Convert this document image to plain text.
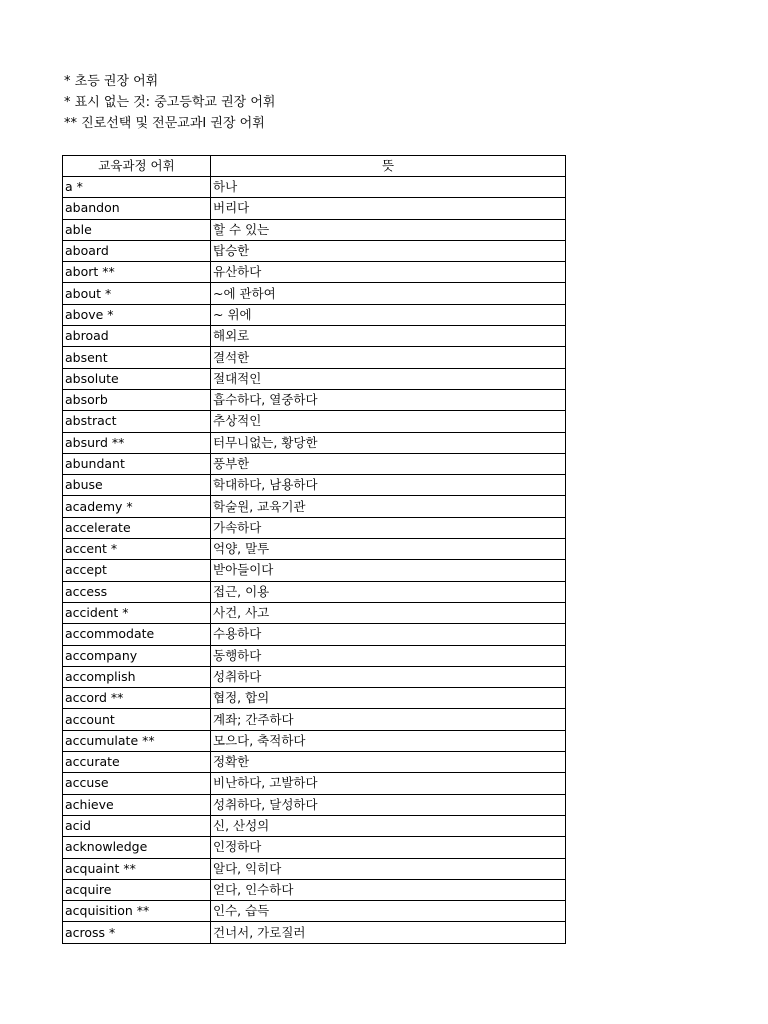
* 초등 권장 어휘
* 표시 없는 것: 중고등학교 권장 어휘
** 진로선택 및 전문교과Ⅰ 권장 어휘
교육과정 어휘	뜻
a *	하나
abandon	버리다
able	할 수 있는
aboard	탑승한
abort **	유산하다
about *	~에 관하여
above *	~ 위에
abroad	해외로
absent	결석한
absolute	절대적인
absorb	흡수하다, 열중하다
abstract	추상적인
absurd **	터무니없는, 황당한
abundant	풍부한
abuse	학대하다, 남용하다
academy *	학술원, 교육기관
accelerate	가속하다
accent *	억양, 말투
accept	받아들이다
access	접근, 이용
accident *	사건, 사고
accommodate	수용하다
accompany	동행하다
accomplish	성취하다
accord **	협정, 합의
account	계좌; 간주하다
accumulate **	모으다, 축적하다
accurate	정확한
accuse	비난하다, 고발하다
achieve	성취하다, 달성하다
acid	신, 산성의
acknowledge	인정하다
acquaint **	알다, 익히다
acquire	얻다, 인수하다
acquisition **	인수, 습득
across *	건너서, 가로질러
